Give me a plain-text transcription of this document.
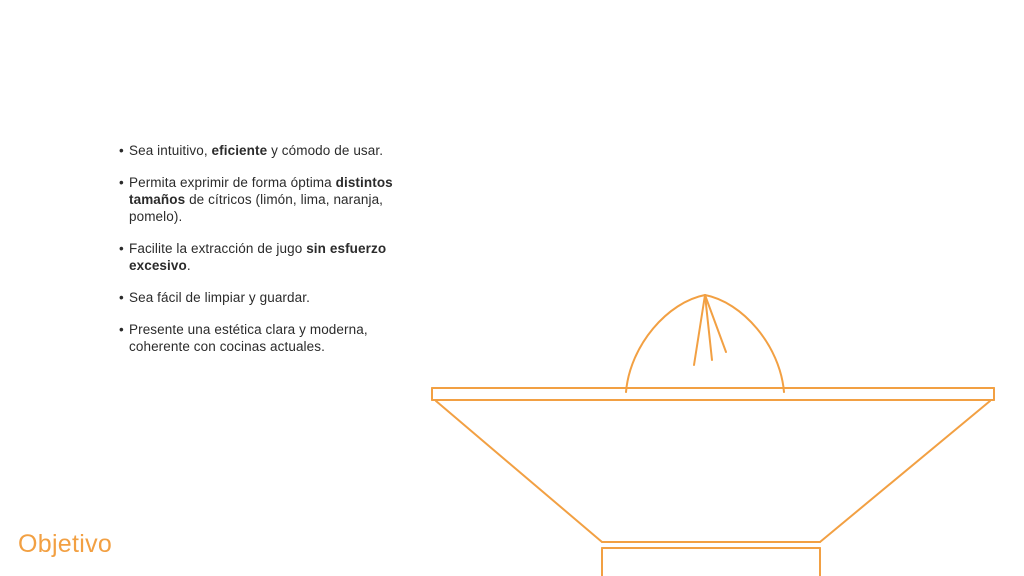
• Sea intuitivo, eficiente y cómodo de usar.
• Permita exprimir de forma óptima distintos tamaños de cítricos (limón, lima, naranja, pomelo).
• Facilite la extracción de jugo sin esfuerzo excesivo.
• Sea fácil de limpiar y guardar.
• Presente una estética clara y moderna, coherente con cocinas actuales.
Objetivo
